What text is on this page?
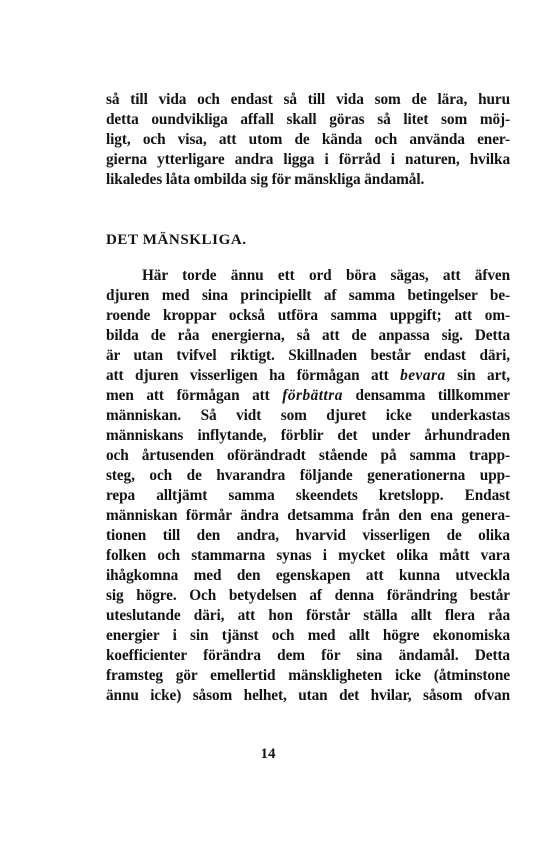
så till vida och endast så till vida som de lära, huru
detta oundvikliga affall skall göras så litet som möj-
ligt, och visa, att utom de kända och använda ener-
gierna ytterligare andra ligga i förråd i naturen, hvilka
likaledes låta ombilda sig för mänskliga ändamål.
DET MÄNSKLIGA.
Här torde ännu ett ord böra sägas, att äfven
djuren med sina principiellt af samma betingelser be-
roende kroppar också utföra samma uppgift; att om-
bilda de råa energierna, så att de anpassa sig. Detta
är utan tvifvel riktigt. Skillnaden består endast däri,
att djuren visserligen ha förmågan att bevara sin art,
men att förmågan att förbättra densamma tillkommer
människan. Så vidt som djuret icke underkastas
människans inflytande, förblir det under århundraden
och årtusenden oförändradt stående på samma trapp-
steg, och de hvarandra följande generationerna upp-
repa alltjämt samma skeendets kretslopp. Endast
människan förmår ändra detsamma från den ena genera-
tionen till den andra, hvarvid visserligen de olika
folken och stammarna synas i mycket olika mått vara
ihågkomna med den egenskapen att kunna utveckla
sig högre. Och betydelsen af denna förändring består
uteslutande däri, att hon förstår ställa allt flera råa
energier i sin tjänst och med allt högre ekonomiska
koefficienter förändra dem för sina ändamål. Detta
framsteg gör emellertid mänskligheten icke (åtminstone
ännu icke) såsom helhet, utan det hvilar, såsom ofvan
14
